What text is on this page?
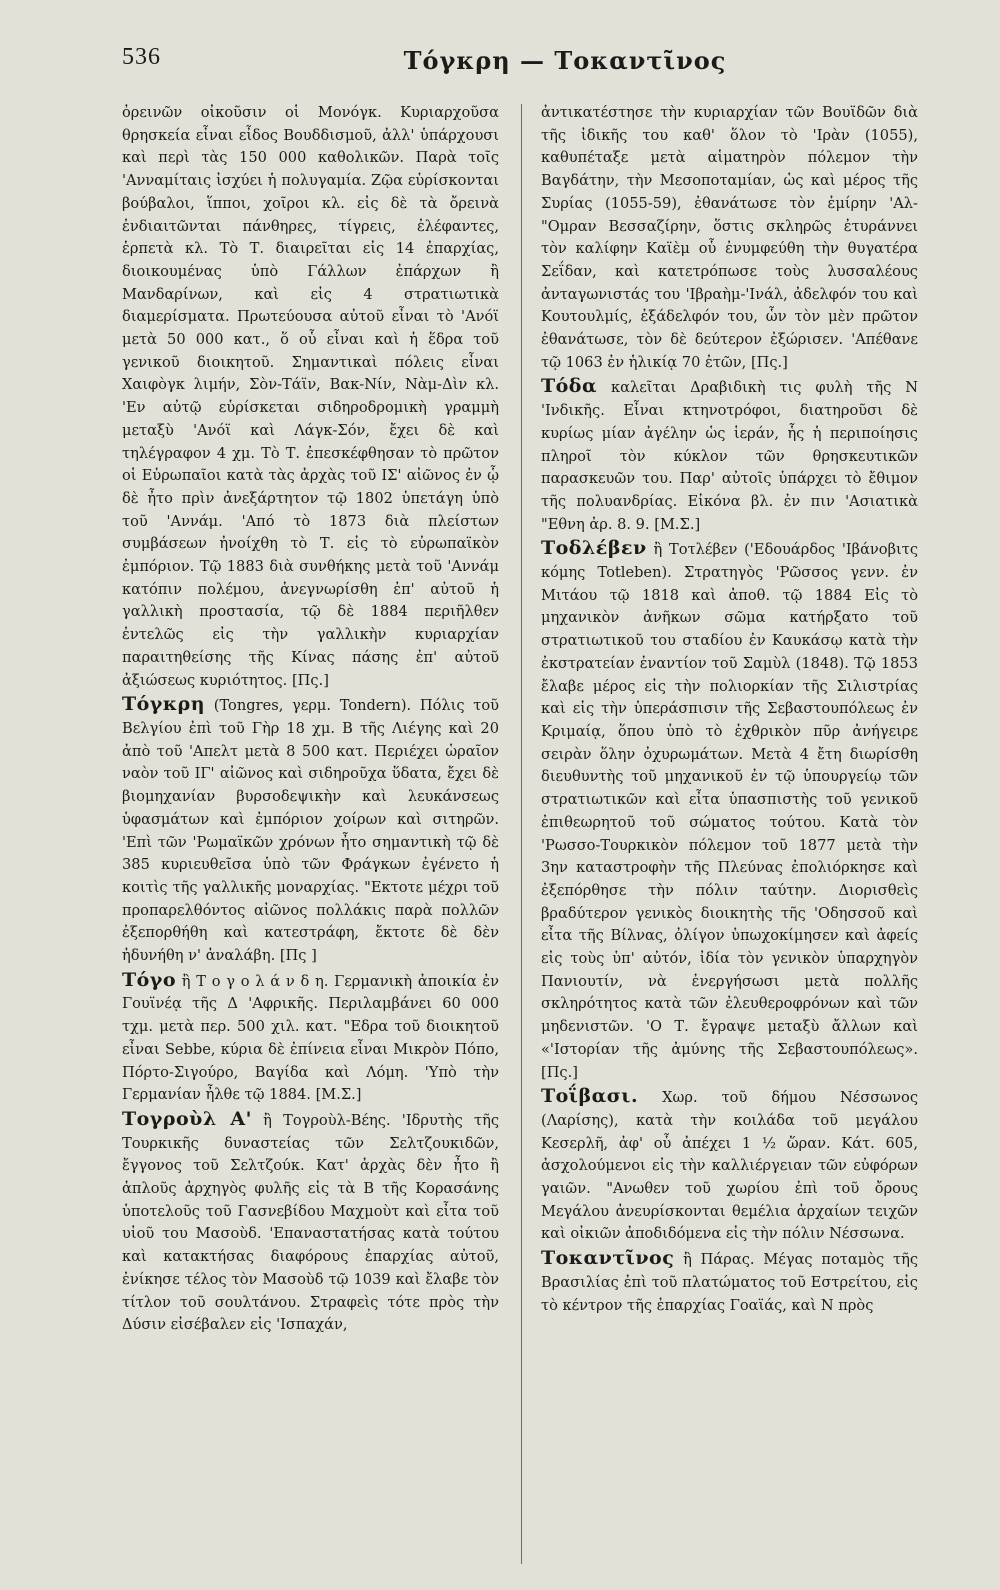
536	Τόγκρη — Τοκαντῖνος

ὀρεινῶν οἰκοῦσιν οἱ Μονόγκ. Κυριαρχοῦσα θρησκεία εἶναι εἶδος Βουδδισμοῦ, ἀλλ' ὑπάρχουσι καὶ περὶ τὰς 150 000 καθολικῶν. Παρὰ τοῖς 'Ανναμίταις ἰσχύει ἡ πολυγαμία. Ζῷα εὑρίσκονται βούβαλοι, ἵπποι, χοῖροι κλ. εἰς δὲ τὰ ὄρεινὰ ἐνδιαιτῶνται πάνθηρες, τίγρεις, ἐλέφαντες, ἑρπετὰ κλ. Τὸ Τ. διαιρεῖται εἰς 14 ἐπαρχίας, διοικουμένας ὑπὸ Γάλλων ἐπάρχων ἢ Μανδαρίνων, καὶ εἰς 4 στρατιωτικὰ διαμερίσματα. Πρωτεύουσα αὐτοῦ εἶναι τὸ 'Ανόϊ μετὰ 50 000 κατ., ὅ οὗ εἶναι καὶ ἡ ἕδρα τοῦ γενικοῦ διοικητοῦ. Σημαντικαὶ πόλεις εἶναι Χαιφὸγκ λιμήν, Σὸν-Τάϊν, Βακ-Νίν, Νὰμ-Δὶν κλ. 'Εν αὐτῷ εὑρίσκεται σιδηροδρομικὴ γραμμὴ μεταξὺ 'Ανόϊ καὶ Λάγκ-Σόν, ἔχει δὲ καὶ τηλέγραφον 4 χμ. Τὸ Τ. ἐπεσκέφθησαν τὸ πρῶτον οἱ Εὐρωπαῖοι κατὰ τὰς ἀρχὰς τοῦ ΙΣ' αἰῶνος ἐν ᾧ δὲ ἦτο πρὶν ἀνεξάρτητον τῷ 1802 ὑπετάγη ὑπὸ τοῦ 'Αννάμ. 'Από τὸ 1873 διὰ πλείστων συμβάσεων ἠνοίχθη τὸ Τ. εἰς τὸ εὐρωπαϊκὸν ἐμπόριον. Τῷ 1883 διὰ συνθήκης μετὰ τοῦ 'Αννάμ κατόπιν πολέμου, ἀνεγνωρίσθη ἐπ' αὐτοῦ ἡ γαλλικὴ προστασία, τῷ δὲ 1884 περιῆλθεν ἐντελῶς εἰς τὴν γαλλικὴν κυριαρχίαν παραιτηθείσης τῆς Κίνας πάσης ἐπ' αὐτοῦ ἀξιώσεως κυριότητος. [Πς.]

Τόγκρη (Tongres, γερμ. Tondern). Πόλις τοῦ Βελγίου ἐπὶ τοῦ Γὴρ 18 χμ. Β τῆς Λιέγης καὶ 20 ἀπὸ τοῦ 'Απελτ μετὰ 8 500 κατ. Περιέχει ὡραῖον ναὸν τοῦ ΙΓ' αἰῶνος καὶ σιδηροῦχα ὕδατα, ἔχει δὲ βιομηχανίαν βυρσοδεψικὴν καὶ λευκάνσεως ὑφασμάτων καὶ ἐμπόριον χοίρων καὶ σιτηρῶν. 'Επὶ τῶν 'Ρωμαϊκῶν χρόνων ἦτο σημαντικὴ τῷ δὲ 385 κυριευθεῖσα ὑπὸ τῶν Φράγκων ἐγένετο ἡ κοιτὶς τῆς γαλλικῆς μοναρχίας. "Εκτοτε μέχρι τοῦ προπαρελθόντος αἰῶνος πολλάκις παρὰ πολλῶν ἐξεπορθήθη καὶ κατεστράφη, ἔκτοτε δὲ δὲν ἠδυνήθη ν' ἀναλάβη. [Πς ]

Τόγο ἢ Τ ο γ ο λ ά ν δ η. Γερμανικὴ ἀποικία ἐν Γουϊνέᾳ τῆς Δ 'Αφρικῆς. Περιλαμβάνει 60 000 τχμ. μετὰ περ. 500 χιλ. κατ. "Εδρα τοῦ διοικητοῦ εἶναι Sebbe, κύρια δὲ ἐπίνεια εἶναι Μικρὸν Πόπο, Πόρτο-Σιγούρο, Βαγίδα καὶ Λόμη. 'Υπὸ τὴν Γερμανίαν ἦλθε τῷ 1884. [Μ.Σ.]

Τογροὺλ Α' ἢ Τογροὺλ-Βέης. 'Ιδρυτὴς τῆς Τουρκικῆς δυναστείας τῶν Σελτζουκιδῶν, ἔγγονος τοῦ Σελτζούκ. Κατ' ἀρχὰς δὲν ἦτο ἢ ἁπλοῦς ἀρχηγὸς φυλῆς εἰς τὰ Β τῆς Κορασάνης ὑποτελοῦς τοῦ Γασνεβίδου Μαχμοὺτ καὶ εἶτα τοῦ υἱοῦ του Μασοὺδ. 'Επαναστατήσας κατὰ τούτου καὶ κατακτήσας διαφόρους ἐπαρχίας αὐτοῦ, ἐνίκησε τέλος τὸν Μασοὺδ τῷ 1039 καὶ ἔλαβε τὸν τίτλον τοῦ σουλτάνου. Στραφεὶς τότε πρὸς τὴν Δύσιν εἰσέβαλεν εἰς 'Ισπαχάν,

ἀντικατέστησε τὴν κυριαρχίαν τῶν Βουϊδῶν διὰ τῆς ἰδικῆς του καθ' ὅλον τὸ 'Ιρὰν (1055), καθυπέταξε μετὰ αἱματηρὸν πόλεμον τὴν Βαγδάτην, τὴν Μεσοποταμίαν, ὡς καὶ μέρος τῆς Συρίας (1055-59), ἐθανάτωσε τὸν ἐμίρην 'Αλ-"Ομραν Βεσσαζίρην, ὅστις σκληρῶς ἐτυράννει τὸν καλίφην Καϊὲμ οὗ ἐνυμφεύθη τὴν θυγατέρα Σεΐδαν, καὶ κατετρόπωσε τοὺς λυσσαλέους ἀνταγωνιστάς του 'Ιβραὴμ-'Ινάλ, ἀδελφόν του καὶ Κουτουλμίς, ἐξάδελφόν του, ὧν τὸν μὲν πρῶτον ἐθανάτωσε, τὸν δὲ δεύτερον ἐξώρισεν. 'Απέθανε τῷ 1063 ἐν ἡλικίᾳ 70 ἐτῶν, [Πς.]

Τόδα καλεῖται Δραβιδικὴ τις φυλὴ τῆς Ν 'Ινδικῆς. Εἶναι κτηνοτρόφοι, διατηροῦσι δὲ κυρίως μίαν ἀγέλην ὡς ἱεράν, ἧς ἡ περιποίησις πληροῖ τὸν κύκλον τῶν θρησκευτικῶν παρασκευῶν του. Παρ' αὐτοῖς ὑπάρχει τὸ ἔθιμον τῆς πολυανδρίας. Εἰκόνα βλ. ἐν πιν 'Ασιατικὰ "Εθνη ἀρ. 8. 9. [Μ.Σ.]

Τοδλέβεν ἢ Τοτλέβεν ('Εδουάρδος 'Ιβάνοβιτς κόμης Totleben). Στρατηγὸς 'Ρῶσσος γενν. ἐν Μιτάου τῷ 1818 καὶ ἀποθ. τῷ 1884 Εἰς τὸ μηχανικὸν ἀνῆκων σῶμα κατήρξατο τοῦ στρατιωτικοῦ του σταδίου ἐν Καυκάσῳ κατὰ τὴν ἐκστρατείαν ἐναντίον τοῦ Σαμὺλ (1848). Τῷ 1853 ἔλαβε μέρος εἰς τὴν πολιορκίαν τῆς Σιλιστρίας καὶ εἰς τὴν ὑπεράσπισιν τῆς Σεβαστουπόλεως ἐν Κριμαίᾳ, ὅπου ὑπὸ τὸ ἐχθρικὸν πῦρ ἀνήγειρε σειρὰν ὅλην ὀχυρωμάτων. Μετὰ 4 ἔτη διωρίσθη διευθυντὴς τοῦ μηχανικοῦ ἐν τῷ ὑπουργείῳ τῶν στρατιωτικῶν καὶ εἶτα ὑπασπιστὴς τοῦ γενικοῦ ἐπιθεωρητοῦ τοῦ σώματος τούτου. Κατὰ τὸν 'Ρωσσο-Τουρκικὸν πόλεμον τοῦ 1877 μετὰ τὴν 3ην καταστροφὴν τῆς Πλεύνας ἐπολιόρκησε καὶ ἐξεπόρθησε τὴν πόλιν ταύτην. Διορισθεὶς βραδύτερον γενικὸς διοικητὴς τῆς 'Οδησσοῦ καὶ εἶτα τῆς Βίλνας, ὀλίγον ὑπωχοκίμησεν καὶ ἀφείς εἰς τοὺς ὑπ' αὐτόν, ἰδία τὸν γενικὸν ὑπαρχηγὸν Πανιουτίν, νὰ ἐνεργήσωσι μετὰ πολλῆς σκληρότητος κατὰ τῶν ἐλευθεροφρόνων καὶ τῶν μηδενιστῶν. 'Ο Τ. ἔγραψε μεταξὺ ἄλλων καὶ «'Ιστορίαν τῆς ἀμύνης τῆς Σεβαστουπόλεως». [Πς.]

Τοΐβασι. Χωρ. τοῦ δήμου Νέσσωνος (Λαρίσης), κατὰ τὴν κοιλάδα τοῦ μεγάλου Κεσερλῆ, ἀφ' οὗ ἀπέχει 1 ½ ὥραν. Κάτ. 605, ἀσχολούμενοι εἰς τὴν καλλιέργειαν τῶν εὐφόρων γαιῶν. "Ανωθεν τοῦ χωρίου ἐπὶ τοῦ ὄρους Μεγάλου ἀνευρίσκονται θεμέλια ἀρχαίων τειχῶν καὶ οἰκιῶν ἀποδιδόμενα εἰς τὴν πόλιν Νέσσωνα.

Τοκαντῖνος ἢ Πάρας. Μέγας ποταμὸς τῆς Βρασιλίας ἐπὶ τοῦ πλατώματος τοῦ Εστρείτου, εἰς τὸ κέντρον τῆς ἐπαρχίας Γοαϊάς, καὶ Ν πρὸς
